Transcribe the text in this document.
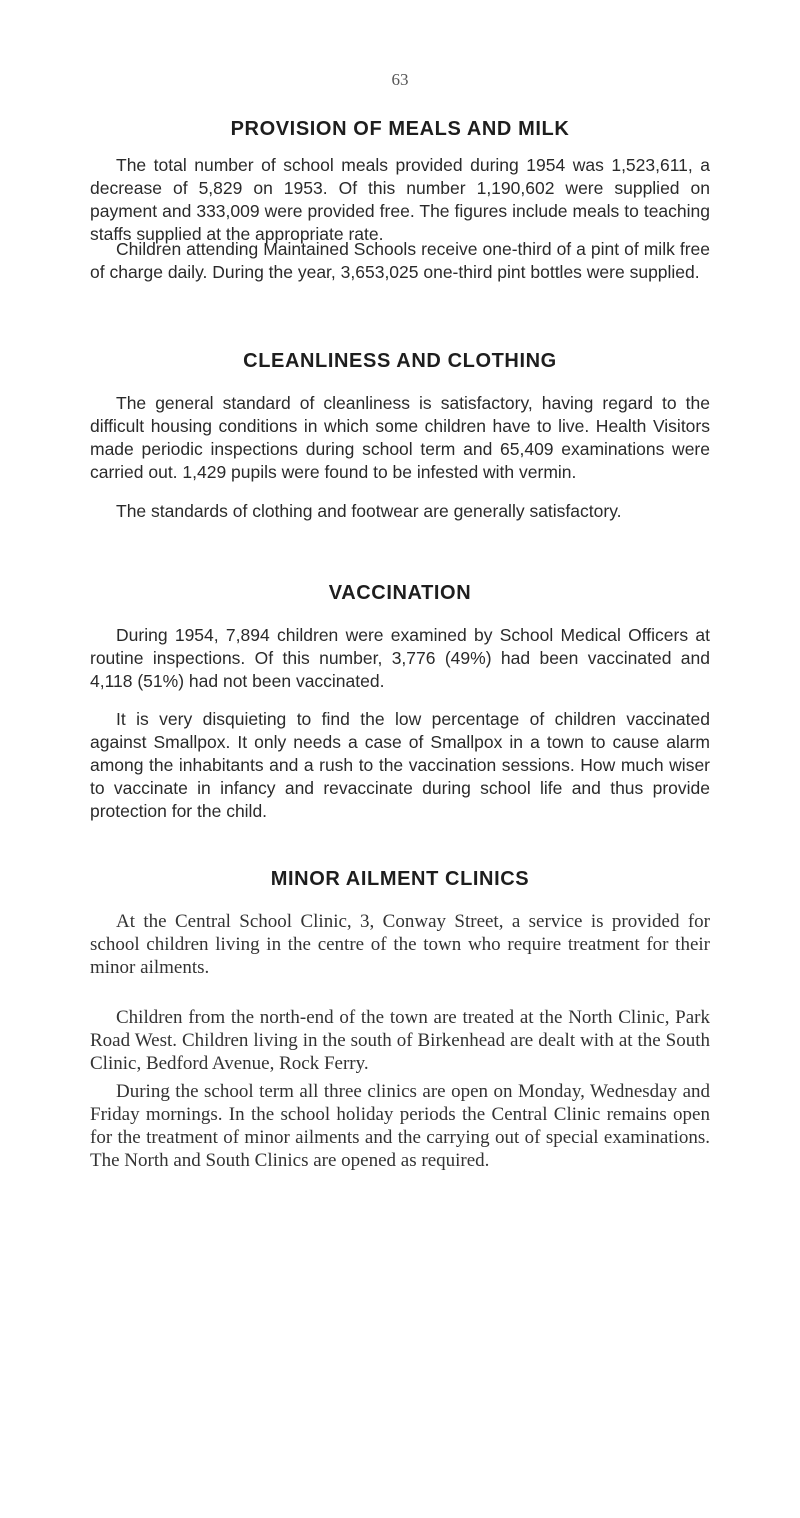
63
PROVISION OF MEALS AND MILK

The total number of school meals provided during 1954 was 1,523,611, a decrease of 5,829 on 1953. Of this number 1,190,602 were supplied on payment and 333,009 were provided free. The figures include meals to teaching staffs supplied at the appropriate rate.

Children attending Maintained Schools receive one-third of a pint of milk free of charge daily. During the year, 3,653,025 one-third pint bottles were supplied.

CLEANLINESS AND CLOTHING

The general standard of cleanliness is satisfactory, having regard to the difficult housing conditions in which some children have to live. Health Visitors made periodic inspections during school term and 65,409 examinations were carried out. 1,429 pupils were found to be infested with vermin.

The standards of clothing and footwear are generally satisfactory.

VACCINATION

During 1954, 7,894 children were examined by School Medical Officers at routine inspections. Of this number, 3,776 (49%) had been vaccinated and 4,118 (51%) had not been vaccinated.

It is very disquieting to find the low percentage of children vaccinated against Smallpox. It only needs a case of Smallpox in a town to cause alarm among the inhabitants and a rush to the vaccination sessions. How much wiser to vaccinate in infancy and revaccinate during school life and thus provide protection for the child.

MINOR AILMENT CLINICS

At the Central School Clinic, 3, Conway Street, a service is provided for school children living in the centre of the town who require treatment for their minor ailments.

Children from the north-end of the town are treated at the North Clinic, Park Road West. Children living in the south of Birkenhead are dealt with at the South Clinic, Bedford Avenue, Rock Ferry.

During the school term all three clinics are open on Monday, Wednesday and Friday mornings. In the school holiday periods the Central Clinic remains open for the treatment of minor ailments and the carrying out of special examinations. The North and South Clinics are opened as required.
